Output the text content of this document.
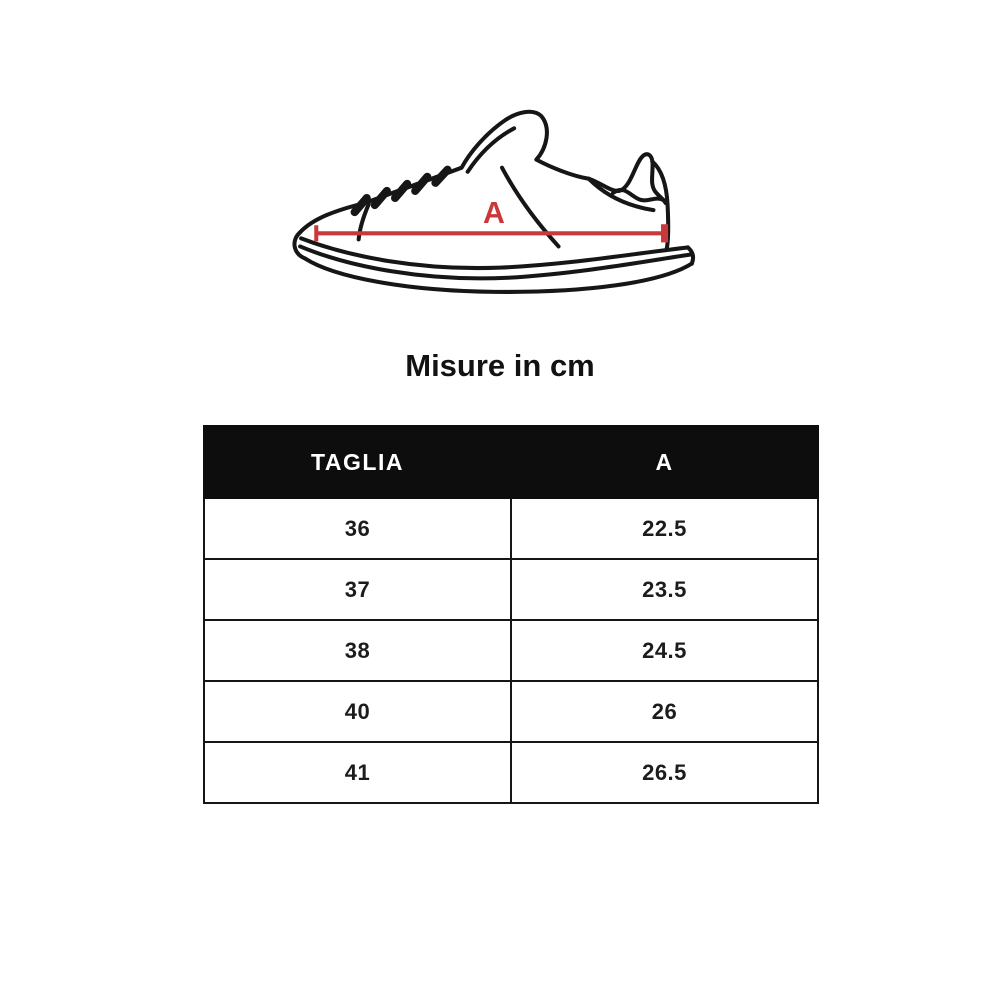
A
Misure in cm
TAGLIA	A
36	22.5
37	23.5
38	24.5
40	26
41	26.5
